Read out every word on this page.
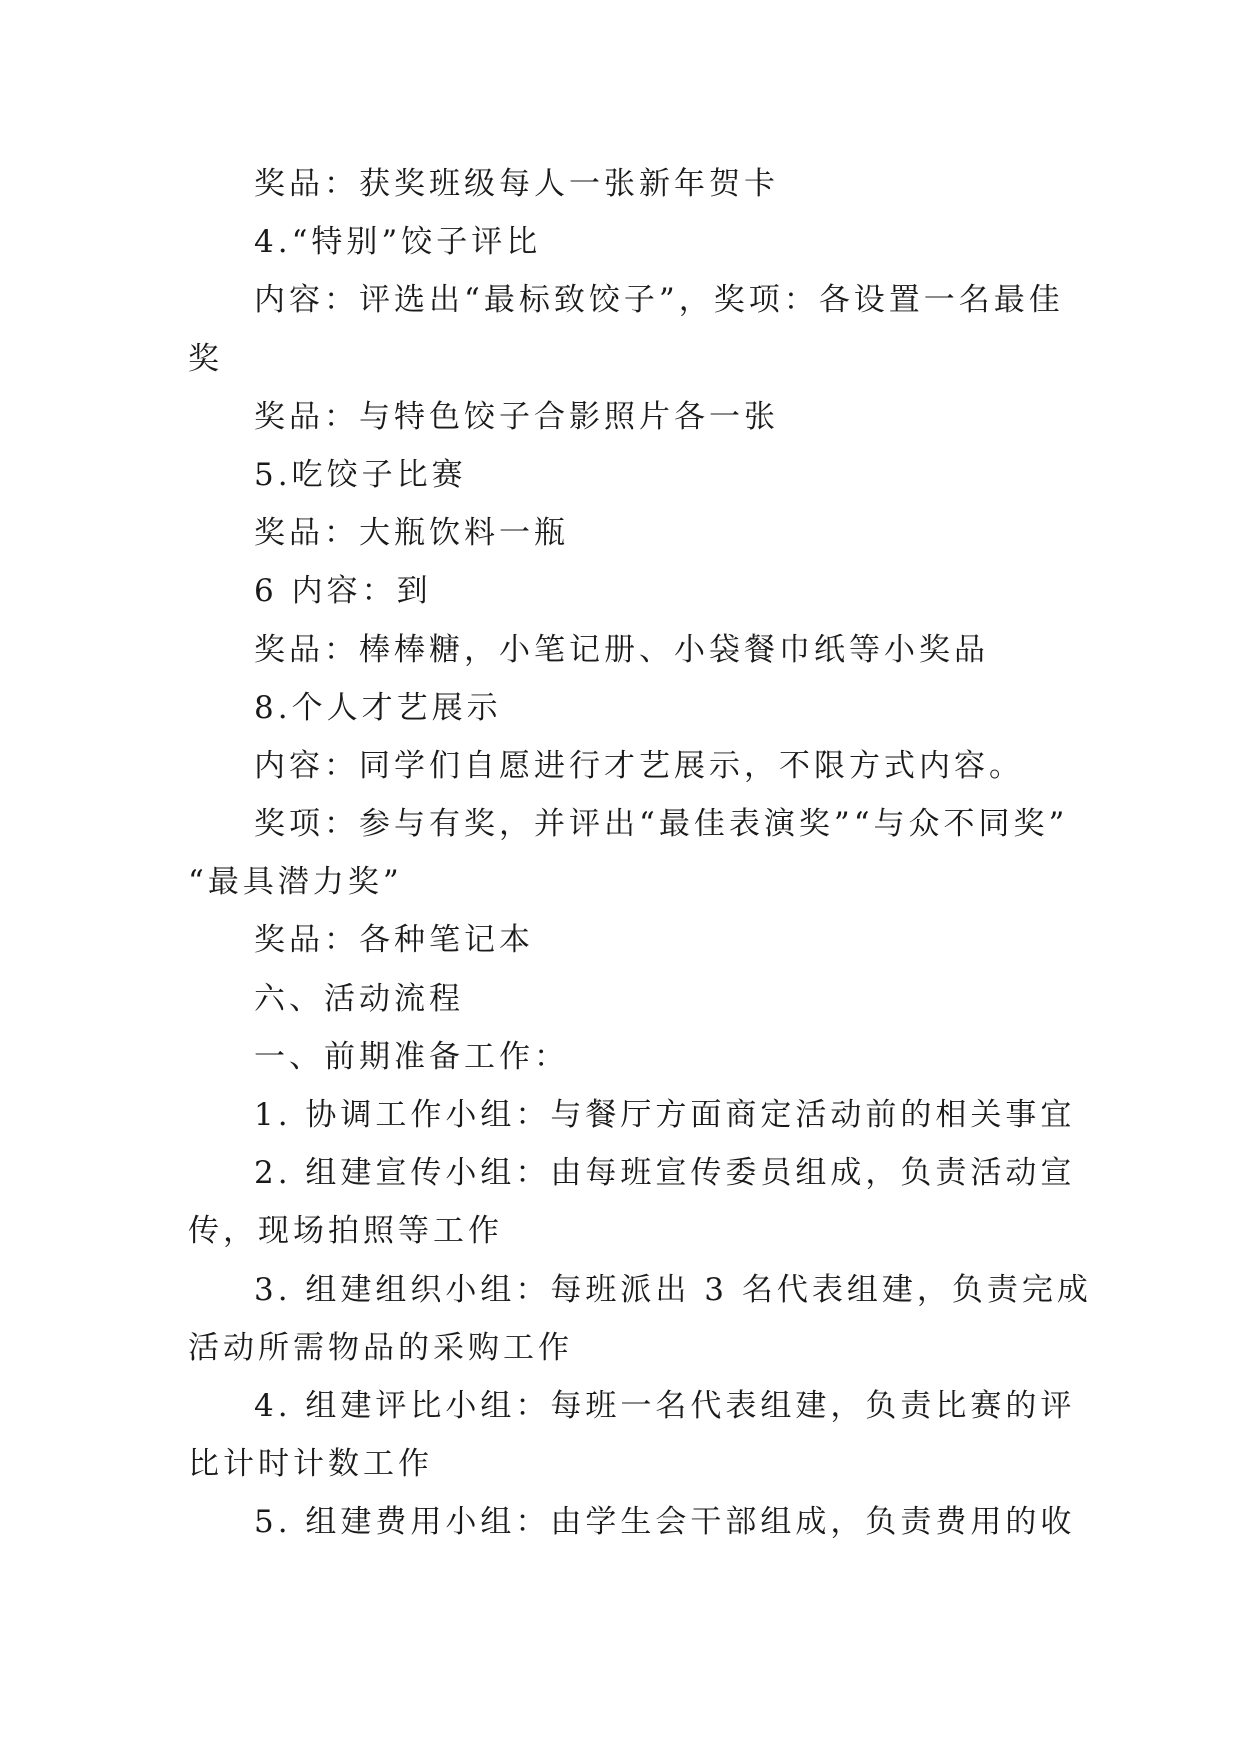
奖品：获奖班级每人一张新年贺卡

4.“特别”饺子评比

内容：评选出“最标致饺子”，奖项：各设置一名最佳

奖

奖品：与特色饺子合影照片各一张

5.吃饺子比赛

奖品：大瓶饮料一瓶

6 内容：到

奖品：棒棒糖，小笔记册、小袋餐巾纸等小奖品

8.个人才艺展示

内容：同学们自愿进行才艺展示，不限方式内容。

奖项：参与有奖，并评出“最佳表演奖”“与众不同奖”

“最具潜力奖”

奖品：各种笔记本

六、活动流程

一、前期准备工作：

1. 协调工作小组：与餐厅方面商定活动前的相关事宜

2. 组建宣传小组：由每班宣传委员组成，负责活动宣

传，现场拍照等工作

3. 组建组织小组：每班派出 3 名代表组建，负责完成

活动所需物品的采购工作

4. 组建评比小组：每班一名代表组建，负责比赛的评

比计时计数工作

5. 组建费用小组：由学生会干部组成，负责费用的收
